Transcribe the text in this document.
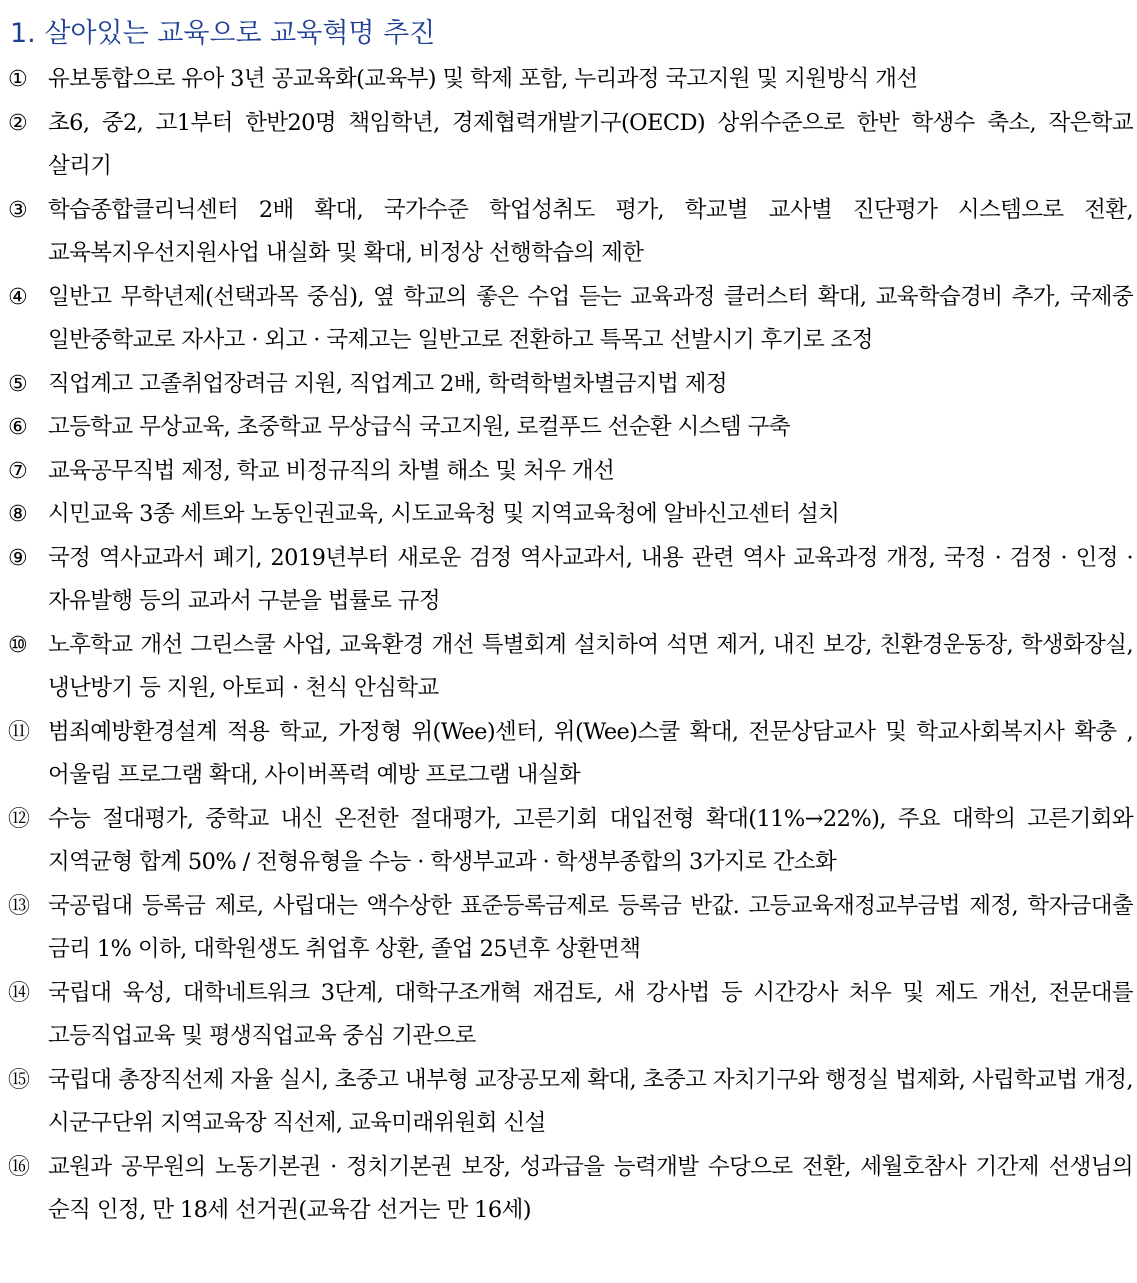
1. 살아있는 교육으로 교육혁명 추진
① 유보통합으로 유아 3년 공교육화(교육부) 및 학제 포함, 누리과정 국고지원 및 지원방식 개선
② 초6, 중2, 고1부터 한반20명 책임학년, 경제협력개발기구(OECD) 상위수준으로 한반 학생수 축소, 작은학교 살리기
③ 학습종합클리닉센터 2배 확대, 국가수준 학업성취도 평가, 학교별 교사별 진단평가 시스템으로 전환, 교육복지우선지원사업 내실화 및 확대, 비정상 선행학습의 제한
④ 일반고 무학년제(선택과목 중심), 옆 학교의 좋은 수업 듣는 교육과정 클러스터 확대, 교육학습경비 추가, 국제중 일반중학교로 자사고 · 외고 · 국제고는 일반고로 전환하고 특목고 선발시기 후기로 조정
⑤ 직업계고 고졸취업장려금 지원, 직업계고 2배, 학력학벌차별금지법 제정
⑥ 고등학교 무상교육, 초중학교 무상급식 국고지원, 로컬푸드 선순환 시스템 구축
⑦ 교육공무직법 제정, 학교 비정규직의 차별 해소 및 처우 개선
⑧ 시민교육 3종 세트와 노동인권교육, 시도교육청 및 지역교육청에 알바신고센터 설치
⑨ 국정 역사교과서 폐기, 2019년부터 새로운 검정 역사교과서, 내용 관련 역사 교육과정 개정, 국정 · 검정 · 인정 · 자유발행 등의 교과서 구분을 법률로 규정
⑩ 노후학교 개선 그린스쿨 사업, 교육환경 개선 특별회계 설치하여 석면 제거, 내진 보강, 친환경운동장, 학생화장실, 냉난방기 등 지원, 아토피 · 천식 안심학교
⑪ 범죄예방환경설계 적용 학교, 가정형 위(Wee)센터, 위(Wee)스쿨 확대, 전문상담교사 및 학교사회복지사 확충 ,어울림 프로그램 확대, 사이버폭력 예방 프로그램 내실화
⑫ 수능 절대평가, 중학교 내신 온전한 절대평가, 고른기회 대입전형 확대(11%→22%), 주요 대학의 고른기회와 지역균형 합계 50% / 전형유형을 수능 · 학생부교과 · 학생부종합의 3가지로 간소화
⑬ 국공립대 등록금 제로, 사립대는 액수상한 표준등록금제로 등록금 반값. 고등교육재정교부금법 제정, 학자금대출 금리 1% 이하, 대학원생도 취업후 상환, 졸업 25년후 상환면책
⑭ 국립대 육성, 대학네트워크 3단계, 대학구조개혁 재검토, 새 강사법 등 시간강사 처우 및 제도 개선, 전문대를 고등직업교육 및 평생직업교육 중심 기관으로
⑮ 국립대 총장직선제 자율 실시, 초중고 내부형 교장공모제 확대, 초중고 자치기구와 행정실 법제화, 사립학교법 개정, 시군구단위 지역교육장 직선제, 교육미래위원회 신설
⑯ 교원과 공무원의 노동기본권 · 정치기본권 보장, 성과급을 능력개발 수당으로 전환, 세월호참사 기간제 선생님의 순직 인정, 만 18세 선거권(교육감 선거는 만 16세)
